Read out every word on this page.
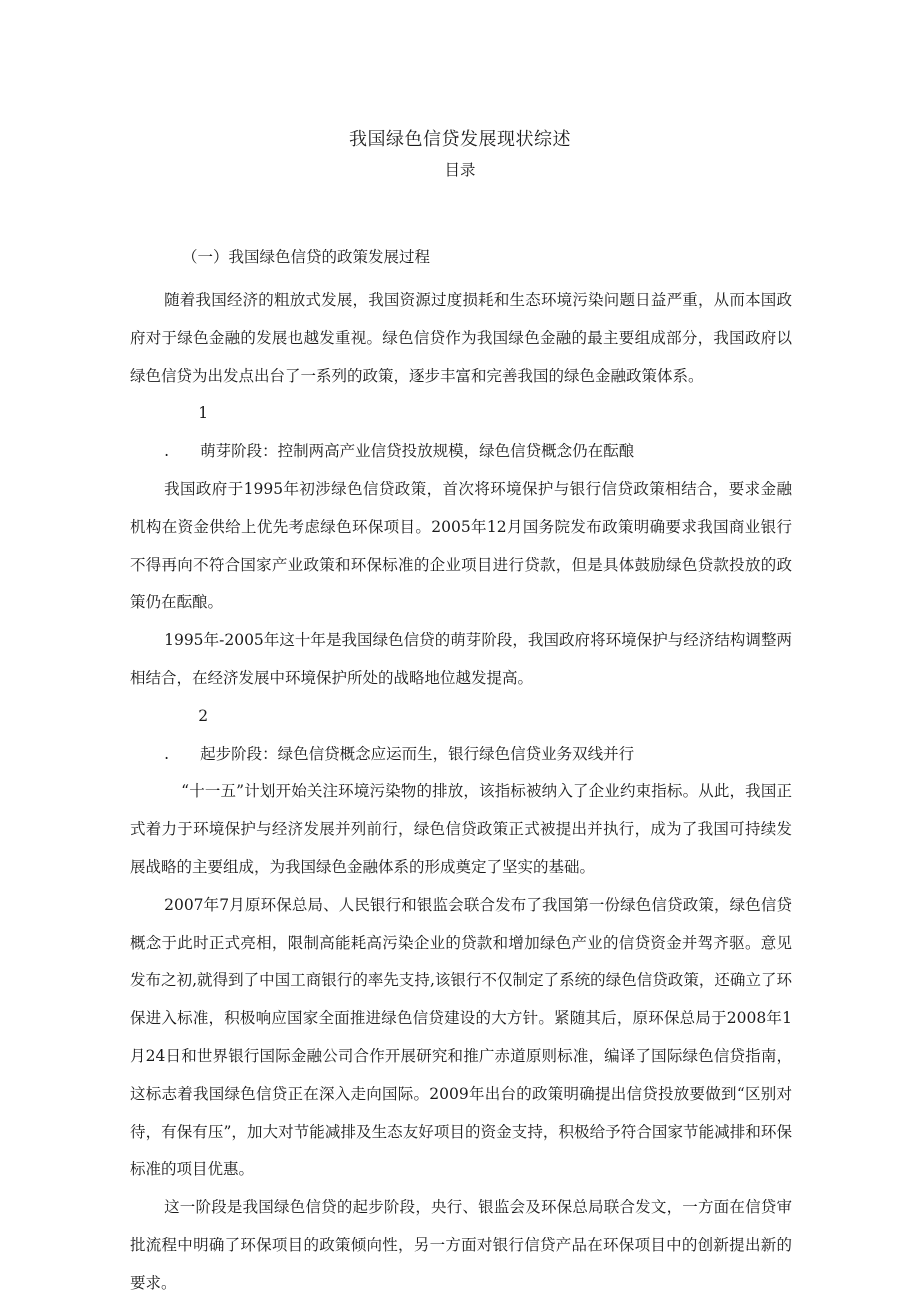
我国绿色信贷发展现状综述
目录
（一）我国绿色信贷的政策发展过程

随着我国经济的粗放式发展，我国资源过度损耗和生态环境污染问题日益严重，从而本国政府对于绿色金融的发展也越发重视。绿色信贷作为我国绿色金融的最主要组成部分，我国政府以绿色信贷为出发点出台了一系列的政策，逐步丰富和完善我国的绿色金融政策体系。

1 . 萌芽阶段：控制两高产业信贷投放规模，绿色信贷概念仍在酝酿

我国政府于1995年初涉绿色信贷政策，首次将环境保护与银行信贷政策相结合，要求金融机构在资金供给上优先考虑绿色环保项目。2005年12月国务院发布政策明确要求我国商业银行不得再向不符合国家产业政策和环保标准的企业项目进行贷款，但是具体鼓励绿色贷款投放的政策仍在酝酿。

1995年-2005年这十年是我国绿色信贷的萌芽阶段，我国政府将环境保护与经济结构调整两相结合，在经济发展中环境保护所处的战略地位越发提高。

2 . 起步阶段：绿色信贷概念应运而生，银行绿色信贷业务双线并行

“十一五”计划开始关注环境污染物的排放，该指标被纳入了企业约束指标。从此，我国正式着力于环境保护与经济发展并列前行，绿色信贷政策正式被提出并执行，成为了我国可持续发展战略的主要组成，为我国绿色金融体系的形成奠定了坚实的基础。

2007年7月原环保总局、人民银行和银监会联合发布了我国第一份绿色信贷政策，绿色信贷概念于此时正式亮相，限制高能耗高污染企业的贷款和增加绿色产业的信贷资金并驾齐驱。意见发布之初,就得到了中国工商银行的率先支持,该银行不仅制定了系统的绿色信贷政策，还确立了环保进入标准，积极响应国家全面推进绿色信贷建设的大方针。紧随其后，原环保总局于2008年1月24日和世界银行国际金融公司合作开展研究和推广赤道原则标准，编译了国际绿色信贷指南，这标志着我国绿色信贷正在深入走向国际。2009年出台的政策明确提出信贷投放要做到“区别对待，有保有压”，加大对节能减排及生态友好项目的资金支持，积极给予符合国家节能减排和环保标准的项目优惠。

这一阶段是我国绿色信贷的起步阶段，央行、银监会及环保总局联合发文，一方面在信贷审批流程中明确了环保项目的政策倾向性，另一方面对银行信贷产品在环保项目中的创新提出新的要求。
